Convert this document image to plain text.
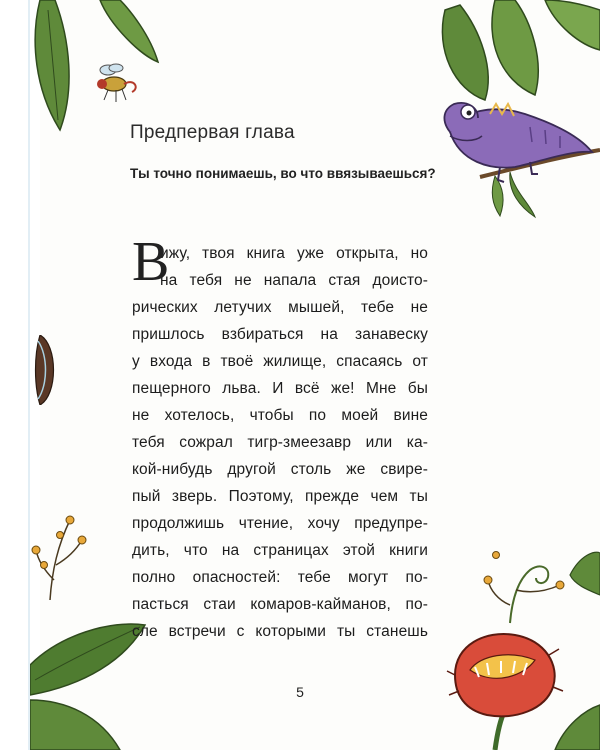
Предпервая глава

Ты точно понимаешь, во что ввязываешься?

В
ижу, твоя книга уже открыта, но
на тебя не напала стая доисто-
рических летучих мышей, тебе не
пришлось взбираться на занавеску
у входа в твоё жилище, спасаясь от
пещерного льва. И всё же! Мне бы
не хотелось, чтобы по моей вине
тебя сожрал тигр-змеезавр или ка-
кой-нибудь другой столь же свире-
пый зверь. Поэтому, прежде чем ты
продолжишь чтение, хочу предупре-
дить, что на страницах этой книги
полно опасностей: тебе могут по-
пасться стаи комаров-кайманов, по-
сле встречи с которыми ты станешь
5
